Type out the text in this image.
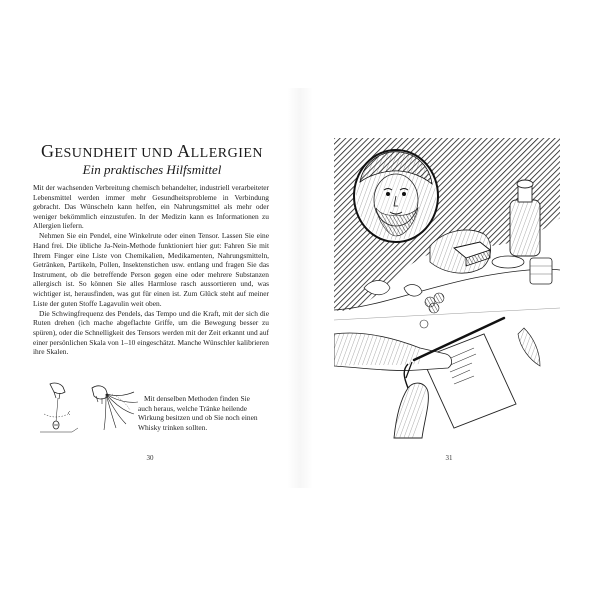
GESUNDHEIT UND ALLERGIEN
Ein praktisches Hilfsmittel

Mit der wachsenden Verbreitung chemisch behandelter, industriell verarbeiteter Lebensmittel werden immer mehr Gesundheitsprobleme in Verbindung gebracht. Das Wünscheln kann helfen, ein Nahrungsmittel als mehr oder weniger bekömmlich einzustufen. In der Medizin kann es Informationen zu Allergien liefern.

Nehmen Sie ein Pendel, eine Winkelrute oder einen Tensor. Lassen Sie eine Hand frei. Die übliche Ja-Nein-Methode funktioniert hier gut: Fahren Sie mit Ihrem Finger eine Liste von Chemikalien, Medikamenten, Nahrungsmitteln, Getränken, Partikeln, Pollen, Insektenstichen usw. entlang und fragen Sie das Instrument, ob die betreffende Person gegen eine oder mehrere Substanzen allergisch ist. So können Sie alles Harmlose rasch aussortieren und, was wichtiger ist, herausfinden, was gut für einen ist. Zum Glück steht auf meiner Liste der guten Stoffe Lagavulin weit oben.

Die Schwingfrequenz des Pendels, das Tempo und die Kraft, mit der sich die Ruten drehen (ich mache abgeflachte Griffe, um die Bewegung besser zu spüren), oder die Schnelligkeit des Tensors werden mit der Zeit erkannt und auf einer persönlichen Skala von 1–10 eingeschätzt. Manche Wünschler kalibrieren ihre Skalen.

Mit denselben Methoden finden Sie auch heraus, welche Tränke heilende Wirkung besitzen und ob Sie noch einen Whisky trinken sollten.

30	31
